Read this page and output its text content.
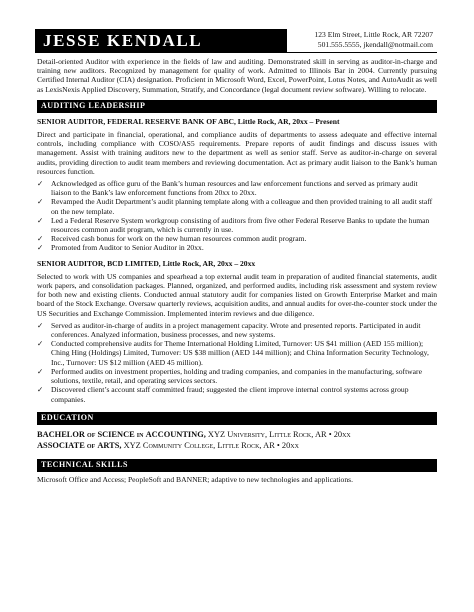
JESSE KENDALL	123 Elm Street, Little Rock, AR 72207
501.555.5555, jkendall@notmail.com

Detail-oriented Auditor with experience in the fields of law and auditing. Demonstrated skill in serving as auditor-in-charge and training new auditors. Recognized by management for quality of work. Admitted to Illinois Bar in 2004. Currently pursuing Certified Internal Auditor (CIA) designation. Proficient in Microsoft Word, Excel, PowerPoint, Lotus Notes, and AutoAudit as well as LexisNexis Applied Discovery, Summation, Stratify, and Concordance (legal document review software). Willing to relocate.

AUDITING LEADERSHIP
SENIOR AUDITOR, FEDERAL RESERVE BANK OF ABC, Little Rock, AR, 20xx – Present

Direct and participate in financial, operational, and compliance audits of departments to assess adequate and effective internal controls, including compliance with COSO/AS5 requirements. Prepare reports of audit findings and discuss issues with management. Assist with training auditors new to the department as well as senior staff. Serve as auditor-in-charge on several audits, providing direction to audit team members and reviewing documentation. Act as primary audit liaison to the Bank’s human resources function.

✓ Acknowledged as office guru of the Bank’s human resources and law enforcement functions and served as primary audit liaison to the Bank’s law enforcement functions from 20xx to 20xx.
✓ Revamped the Audit Department’s audit planning template along with a colleague and then provided training to all audit staff on the new template.
✓ Led a Federal Reserve System workgroup consisting of auditors from five other Federal Reserve Banks to update the human resources common audit program, which is currently in use.
✓ Received cash bonus for work on the new human resources common audit program.
✓ Promoted from Auditor to Senior Auditor in 20xx.
SENIOR AUDITOR, BCD LIMITED, Little Rock, AR, 20xx – 20xx

Selected to work with US companies and spearhead a top external audit team in preparation of audited financial statements, audit work papers, and consolidation packages. Planned, organized, and performed audits, including risk assessment and system review for both new and existing clients. Conducted annual statutory audit for companies listed on Growth Enterprise Market and main board of the Stock Exchange. Oversaw quarterly reviews, acquisition audits, and annual audits for over-the-counter stock under the US Securities and Exchange Commission. Implemented interim reviews and due diligence.

✓ Served as auditor-in-charge of audits in a project management capacity. Wrote and presented reports. Participated in audit conferences. Analyzed information, business processes, and new systems.
✓ Conducted comprehensive audits for Theme International Holding Limited, Turnover: US $41 million (AED 155 million); Ching Hing (Holdings) Limited, Turnover: US $38 million (AED 144 million); and China Information Security Technology, Inc., Turnover: US $12 million (AED 45 million).
✓ Performed audits on investment properties, holding and trading companies, and companies in the manufacturing, software solutions, textile, retail, and operating services sectors.
✓ Discovered client’s account staff committed fraud; suggested the client improve internal control systems across group companies.
EDUCATION
BACHELOR of SCIENCE in ACCOUNTING, XYZ University, Little Rock, AR • 20xx
ASSOCIATE of ARTS, XYZ Community College, Little Rock, AR • 20xx
TECHNICAL SKILLS

Microsoft Office and Access; PeopleSoft and BANNER; adaptive to new technologies and applications.
